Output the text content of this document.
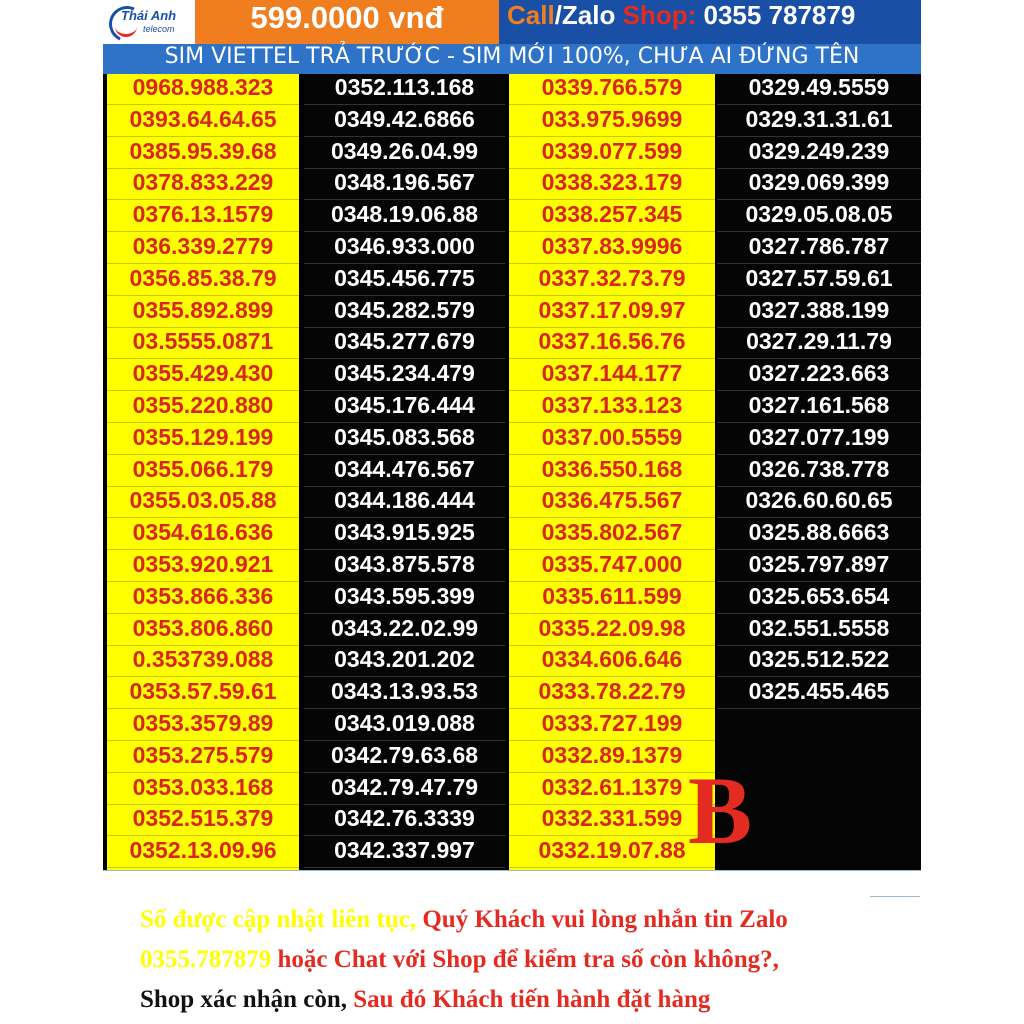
Thái Anh
telecom	599.0000 vnđ	Call/Zalo Shop: 0355 787879
SIM VIETTEL TRẢ TRƯỚC - SIM MỚI 100%, CHƯA AI ĐỨNG TÊN
0968.988.323
0393.64.64.65
0385.95.39.68
0378.833.229
0376.13.1579
036.339.2779
0356.85.38.79
0355.892.899
03.5555.0871
0355.429.430
0355.220.880
0355.129.199
0355.066.179
0355.03.05.88
0354.616.636
0353.920.921
0353.866.336
0353.806.860
0.353739.088
0353.57.59.61
0353.3579.89
0353.275.579
0353.033.168
0352.515.379
0352.13.09.96
0352.113.168
0349.42.6866
0349.26.04.99
0348.196.567
0348.19.06.88
0346.933.000
0345.456.775
0345.282.579
0345.277.679
0345.234.479
0345.176.444
0345.083.568
0344.476.567
0344.186.444
0343.915.925
0343.875.578
0343.595.399
0343.22.02.99
0343.201.202
0343.13.93.53
0343.019.088
0342.79.63.68
0342.79.47.79
0342.76.3339
0342.337.997
0339.766.579
033.975.9699
0339.077.599
0338.323.179
0338.257.345
0337.83.9996
0337.32.73.79
0337.17.09.97
0337.16.56.76
0337.144.177
0337.133.123
0337.00.5559
0336.550.168
0336.475.567
0335.802.567
0335.747.000
0335.611.599
0335.22.09.98
0334.606.646
0333.78.22.79
0333.727.199
0332.89.1379
0332.61.1379
0332.331.599
0332.19.07.88
0329.49.5559
0329.31.31.61
0329.249.239
0329.069.399
0329.05.08.05
0327.786.787
0327.57.59.61
0327.388.199
0327.29.11.79
0327.223.663
0327.161.568
0327.077.199
0326.738.778
0326.60.60.65
0325.88.6663
0325.797.897
0325.653.654
032.551.5558
0325.512.522
0325.455.465
B
Số được cập nhật liên tục, Quý Khách vui lòng nhắn tin Zalo
0355.787879 hoặc Chat với Shop để kiểm tra số còn không?,
Shop xác nhận còn, Sau đó Khách tiến hành đặt hàng
